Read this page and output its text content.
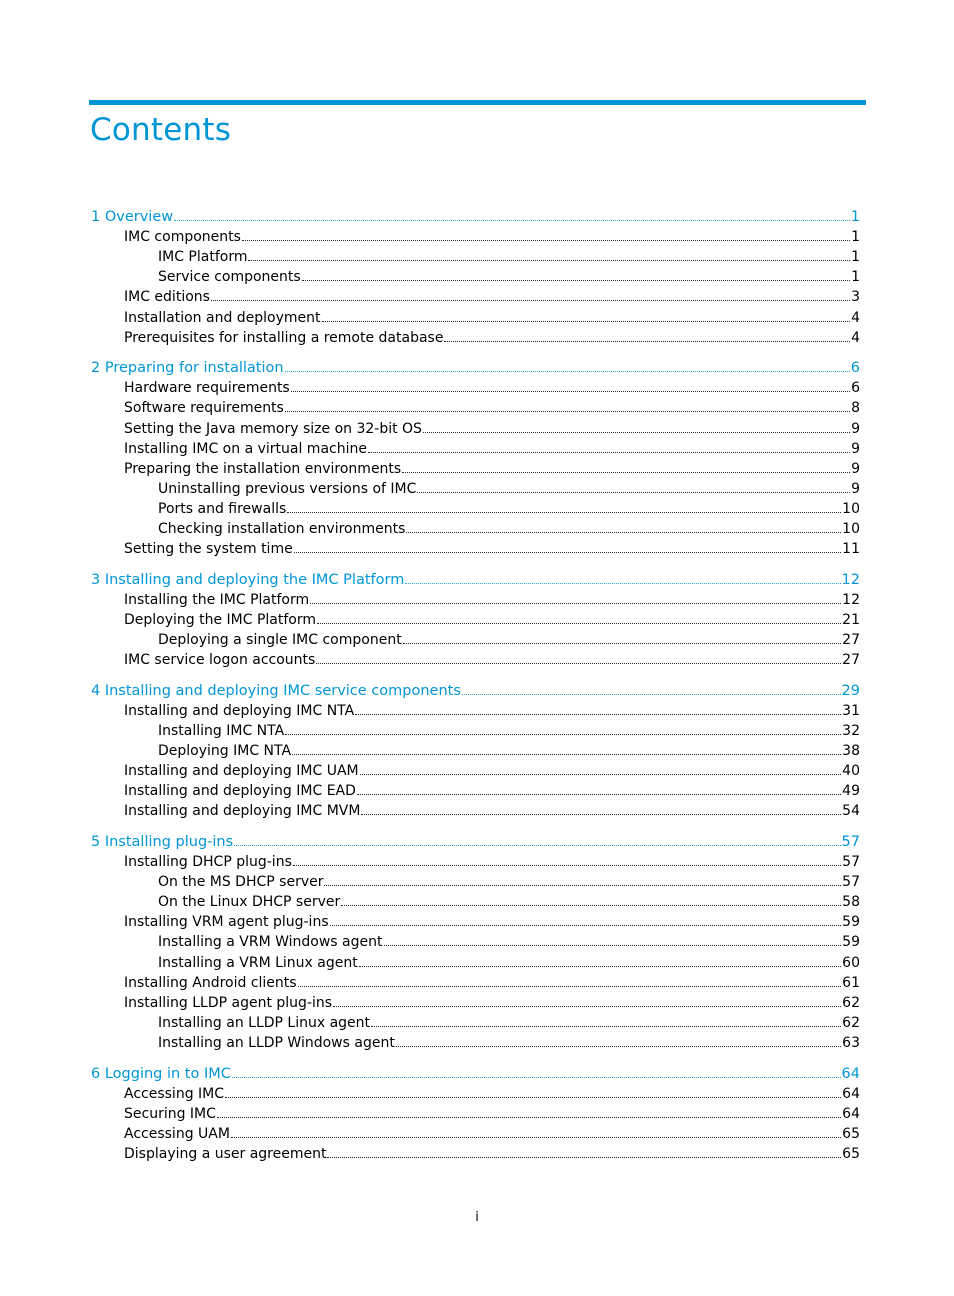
Contents
1 Overview	1
IMC components	1
IMC Platform	1
Service components	1
IMC editions	3
Installation and deployment	4
Prerequisites for installing a remote database	4
2 Preparing for installation	6
Hardware requirements	6
Software requirements	8
Setting the Java memory size on 32-bit OS	9
Installing IMC on a virtual machine	9
Preparing the installation environments	9
Uninstalling previous versions of IMC	9
Ports and firewalls	10
Checking installation environments	10
Setting the system time	11
3 Installing and deploying the IMC Platform	12
Installing the IMC Platform	12
Deploying the IMC Platform	21
Deploying a single IMC component	27
IMC service logon accounts	27
4 Installing and deploying IMC service components	29
Installing and deploying IMC NTA	31
Installing IMC NTA	32
Deploying IMC NTA	38
Installing and deploying IMC UAM	40
Installing and deploying IMC EAD	49
Installing and deploying IMC MVM	54
5 Installing plug-ins	57
Installing DHCP plug-ins	57
On the MS DHCP server	57
On the Linux DHCP server	58
Installing VRM agent plug-ins	59
Installing a VRM Windows agent	59
Installing a VRM Linux agent	60
Installing Android clients	61
Installing LLDP agent plug-ins	62
Installing an LLDP Linux agent	62
Installing an LLDP Windows agent	63
6 Logging in to IMC	64
Accessing IMC	64
Securing IMC	64
Accessing UAM	65
Displaying a user agreement	65
i
